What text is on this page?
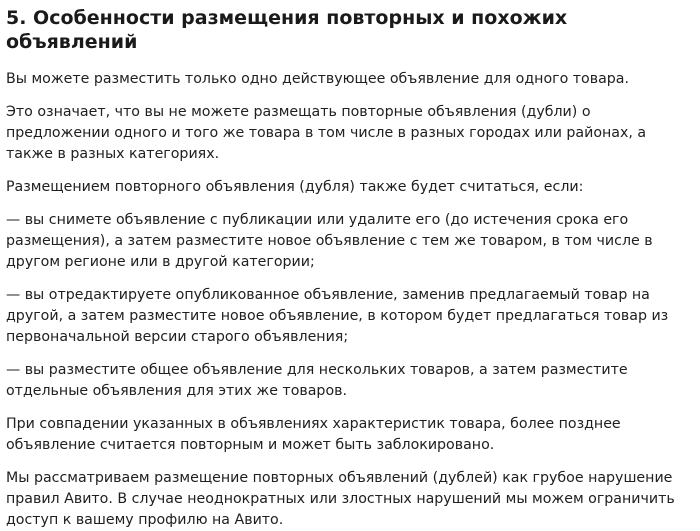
5. Особенности размещения повторных и похожих объявлений

Вы можете разместить только одно действующее объявление для одного товара.

Это означает, что вы не можете размещать повторные объявления (дубли) о предложении одного и того же товара в том числе в разных городах или районах, а также в разных категориях.

Размещением повторного объявления (дубля) также будет считаться, если:

— вы снимете объявление с публикации или удалите его (до истечения срока его размещения), а затем разместите новое объявление с тем же товаром, в том числе в другом регионе или в другой категории;

— вы отредактируете опубликованное объявление, заменив предлагаемый товар на другой, а затем разместите новое объявление, в котором будет предлагаться товар из первоначальной версии старого объявления;

— вы разместите общее объявление для нескольких товаров, а затем разместите отдельные объявления для этих же товаров.

При совпадении указанных в объявлениях характеристик товара, более позднее объявление считается повторным и может быть заблокировано.

Мы рассматриваем размещение повторных объявлений (дублей) как грубое нарушение правил Авито. В случае неоднократных или злостных нарушений мы можем ограничить доступ к вашему профилю на Авито.
